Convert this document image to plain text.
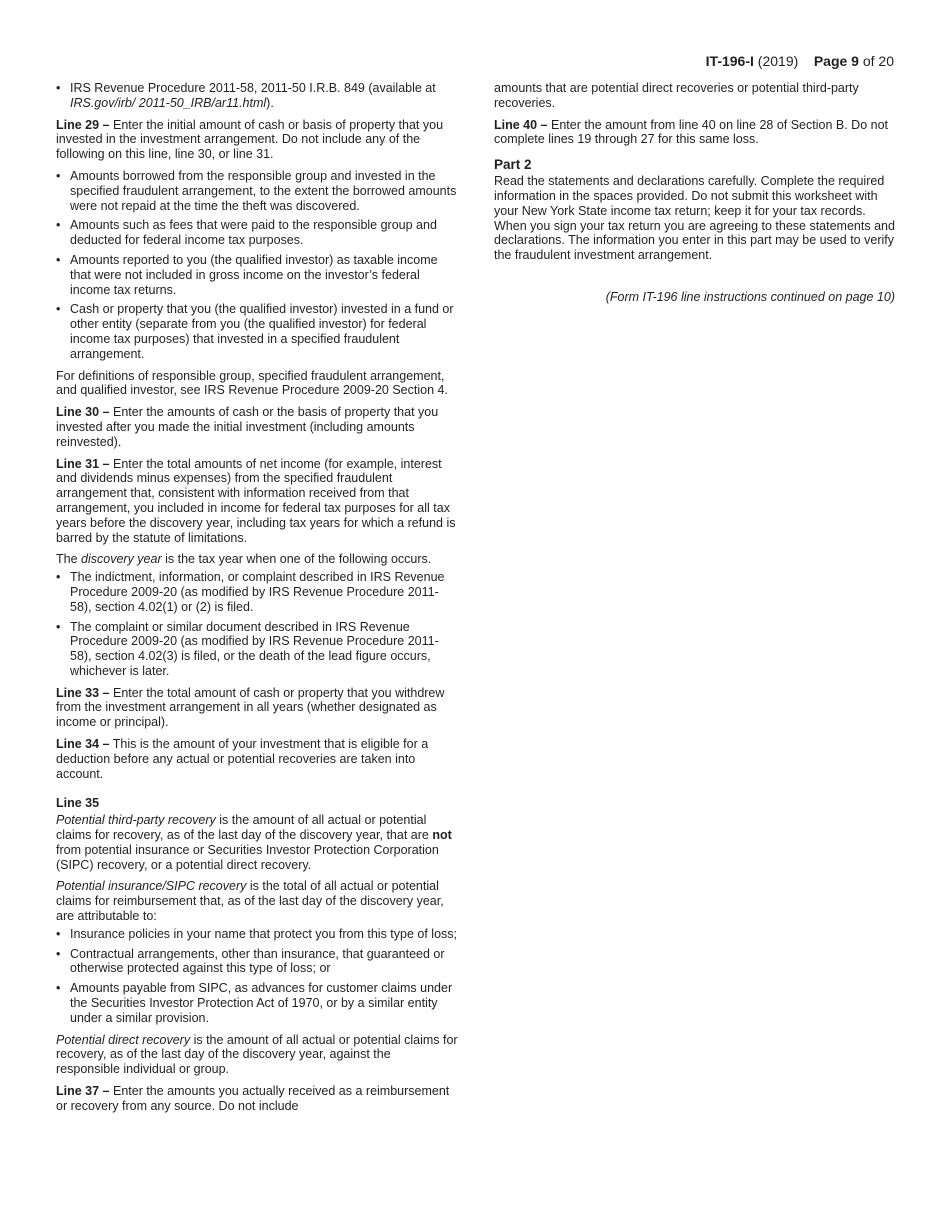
IT-196-I (2019) Page 9 of 20
• IRS Revenue Procedure 2011-58, 2011-50 I.R.B. 849 (available at
IRS.gov/irb/ 2011-50_IRB/ar11.html).

Line 29 – Enter the initial amount of cash or basis of property that you invested in the investment arrangement. Do not include any of the following on this line, line 30, or line 31.

• Amounts borrowed from the responsible group and invested in the specified fraudulent arrangement, to the extent the borrowed amounts were not repaid at the time the theft was discovered.
• Amounts such as fees that were paid to the responsible group and deducted for federal income tax purposes.
• Amounts reported to you (the qualified investor) as taxable income that were not included in gross income on the investor’s federal income tax returns.
• Cash or property that you (the qualified investor) invested in a fund or other entity (separate from you (the qualified investor) for federal income tax purposes) that invested in a specified fraudulent arrangement.

For definitions of responsible group, specified fraudulent arrangement, and qualified investor, see IRS Revenue Procedure 2009-20 Section 4.

Line 30 – Enter the amounts of cash or the basis of property that you invested after you made the initial investment (including amounts reinvested).

Line 31 – Enter the total amounts of net income (for example, interest and dividends minus expenses) from the specified fraudulent arrangement that, consistent with information received from that arrangement, you included in income for federal tax purposes for all tax years before the discovery year, including tax years for which a refund is barred by the statute of limitations.

The discovery year is the tax year when one of the following occurs.

• The indictment, information, or complaint described in IRS Revenue Procedure 2009-20 (as modified by IRS Revenue Procedure 2011-58), section 4.02(1) or (2) is filed.
• The complaint or similar document described in IRS Revenue Procedure 2009-20 (as modified by IRS Revenue Procedure 2011-58), section 4.02(3) is filed, or the death of the lead figure occurs, whichever is later.

Line 33 – Enter the total amount of cash or property that you withdrew from the investment arrangement in all years (whether designated as income or principal).

Line 34 – This is the amount of your investment that is eligible for a deduction before any actual or potential recoveries are taken into account.

Line 35

Potential third-party recovery is the amount of all actual or potential claims for recovery, as of the last day of the discovery year, that are not from potential insurance or Securities Investor Protection Corporation (SIPC) recovery, or a potential direct recovery.

Potential insurance/SIPC recovery is the total of all actual or potential claims for reimbursement that, as of the last day of the discovery year, are attributable to:

• Insurance policies in your name that protect you from this type of loss;
• Contractual arrangements, other than insurance, that guaranteed or otherwise protected against this type of loss; or
• Amounts payable from SIPC, as advances for customer claims under the Securities Investor Protection Act of 1970, or by a similar entity under a similar provision.

Potential direct recovery is the amount of all actual or potential claims for recovery, as of the last day of the discovery year, against the responsible individual or group.

Line 37 – Enter the amounts you actually received as a reimbursement or recovery from any source. Do not include

amounts that are potential direct recoveries or potential third-party recoveries.

Line 40 – Enter the amount from line 40 on line 28 of Section B. Do not complete lines 19 through 27 for this same loss.

Part 2

Read the statements and declarations carefully. Complete the required information in the spaces provided. Do not submit this worksheet with your New York State income tax return; keep it for your tax records. When you sign your tax return you are agreeing to these statements and declarations. The information you enter in this part may be used to verify the fraudulent investment arrangement.

(Form IT-196 line instructions continued on page 10)
